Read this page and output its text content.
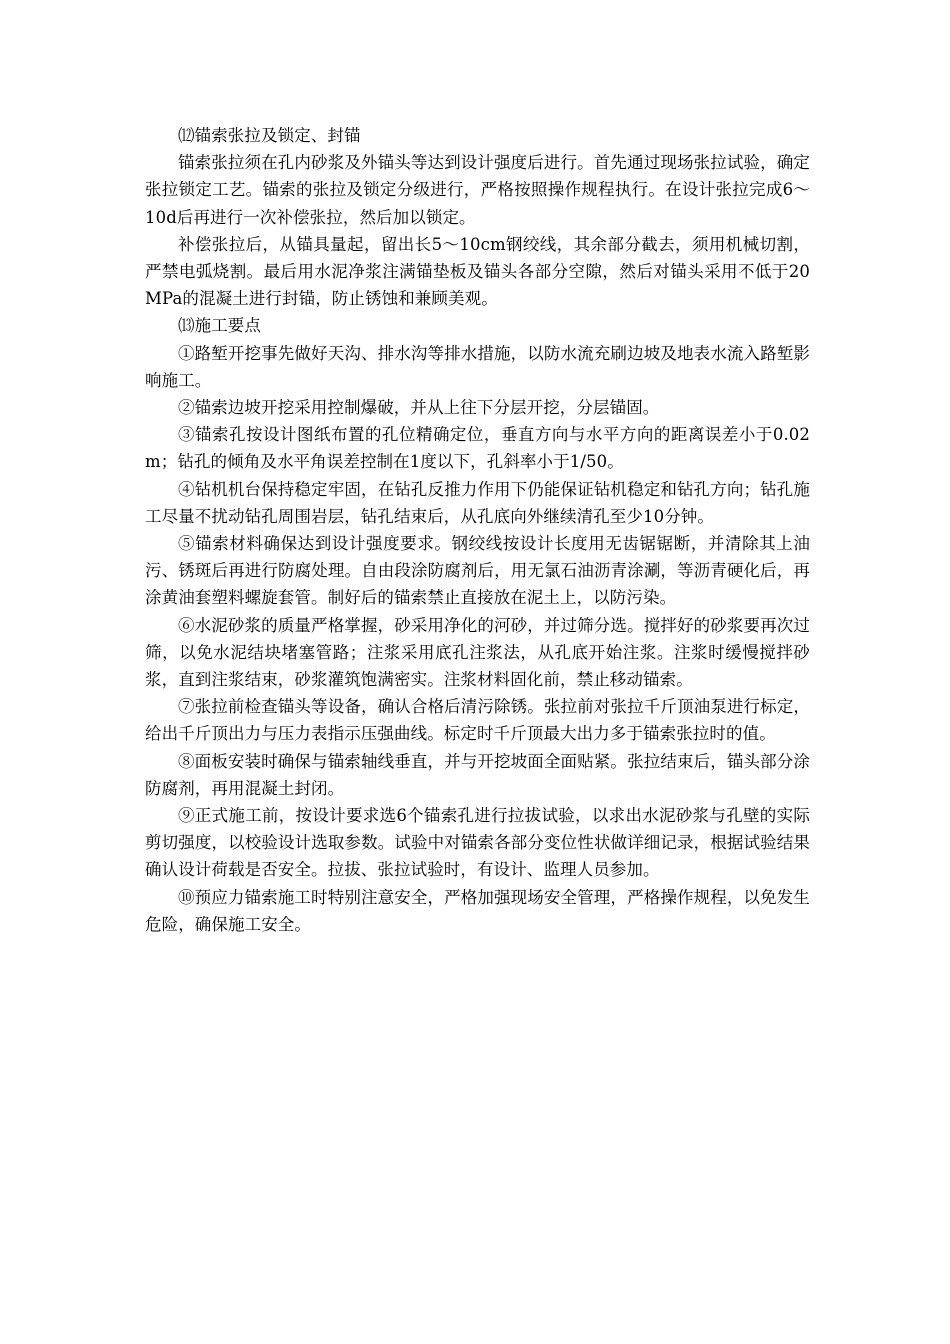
⑿锚索张拉及锁定、封锚

锚索张拉须在孔内砂浆及外锚头等达到设计强度后进行。首先通过现场张拉试验，确定张拉锁定工艺。锚索的张拉及锁定分级进行，严格按照操作规程执行。在设计张拉完成6～10d后再进行一次补偿张拉，然后加以锁定。

补偿张拉后，从锚具量起，留出长5～10cm钢绞线，其余部分截去，须用机械切割，严禁电弧烧割。最后用水泥净浆注满锚垫板及锚头各部分空隙，然后对锚头采用不低于20MPa的混凝土进行封锚，防止锈蚀和兼顾美观。

⒀施工要点

①路堑开挖事先做好天沟、排水沟等排水措施，以防水流充刷边坡及地表水流入路堑影响施工。

②锚索边坡开挖采用控制爆破，并从上往下分层开挖，分层锚固。

③锚索孔按设计图纸布置的孔位精确定位，垂直方向与水平方向的距离误差小于0.02m；钻孔的倾角及水平角误差控制在1度以下，孔斜率小于1/50。

④钻机机台保持稳定牢固，在钻孔反推力作用下仍能保证钻机稳定和钻孔方向；钻孔施工尽量不扰动钻孔周围岩层，钻孔结束后，从孔底向外继续清孔至少10分钟。

⑤锚索材料确保达到设计强度要求。钢绞线按设计长度用无齿锯锯断，并清除其上油污、锈斑后再进行防腐处理。自由段涂防腐剂后，用无氯石油沥青涂涮，等沥青硬化后，再涂黄油套塑料螺旋套管。制好后的锚索禁止直接放在泥土上，以防污染。

⑥水泥砂浆的质量严格掌握，砂采用净化的河砂，并过筛分选。搅拌好的砂浆要再次过筛，以免水泥结块堵塞管路；注浆采用底孔注浆法，从孔底开始注浆。注浆时缓慢搅拌砂浆，直到注浆结束，砂浆灌筑饱满密实。注浆材料固化前，禁止移动锚索。

⑦张拉前检查锚头等设备，确认合格后清污除锈。张拉前对张拉千斤顶油泵进行标定，给出千斤顶出力与压力表指示压强曲线。标定时千斤顶最大出力多于锚索张拉时的值。

⑧面板安装时确保与锚索轴线垂直，并与开挖坡面全面贴紧。张拉结束后，锚头部分涂防腐剂，再用混凝土封闭。

⑨正式施工前，按设计要求选6个锚索孔进行拉拔试验，以求出水泥砂浆与孔壁的实际剪切强度，以校验设计选取参数。试验中对锚索各部分变位性状做详细记录，根据试验结果确认设计荷载是否安全。拉拔、张拉试验时，有设计、监理人员参加。

⑩预应力锚索施工时特别注意安全，严格加强现场安全管理，严格操作规程，以免发生危险，确保施工安全。
